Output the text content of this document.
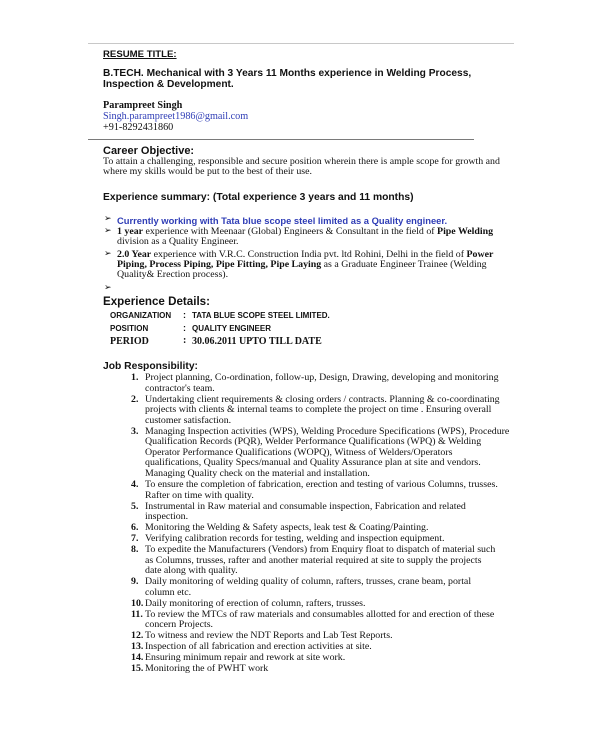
RESUME TITLE:
B.TECH. Mechanical with 3 Years 11 Months experience in Welding Process,
Inspection & Development.
Parampreet Singh
Singh.parampreet1986@gmail.com
+91-8292431860
Career Objective:
To attain a challenging, responsible and secure position wherein there is ample scope for growth and
where my skills would be put to the best of their use.
Experience summary: (Total experience 3 years and 11 months)
➢ Currently working with Tata blue scope steel limited as a Quality engineer.
➢ 1 year experience with Meenaar (Global) Engineers & Consultant in the field of Pipe Welding
division as a Quality Engineer.
➢ 2.0 Year experience with V.R.C. Construction India pvt. ltd Rohini, Delhi in the field of Power
Piping, Process Piping, Pipe Fitting, Pipe Laying as a Graduate Engineer Trainee (Welding
Quality& Erection process).
➢
Experience Details:
ORGANIZATION : TATA BLUE SCOPE STEEL LIMITED.
POSITION	: QUALITY ENGINEER
PERIOD	: 30.06.2011 UPTO TILL DATE
Job Responsibility:
1. Project planning, Co-ordination, follow-up, Design, Drawing, developing and monitoring
contractor's team.
2. Undertaking client requirements & closing orders / contracts. Planning & co-coordinating
projects with clients & internal teams to complete the project on time . Ensuring overall
customer satisfaction.
3. Managing Inspection activities (WPS), Welding Procedure Specifications (WPS), Procedure
Qualification Records (PQR), Welder Performance Qualifications (WPQ) & Welding
Operator Performance Qualifications (WOPQ), Witness of Welders/Operators
qualifications, Quality Specs/manual and Quality Assurance plan at site and vendors.
Managing Quality check on the material and installation.
4. To ensure the completion of fabrication, erection and testing of various Columns, trusses.
Rafter on time with quality.
5. Instrumental in Raw material and consumable inspection, Fabrication and related
inspection.
6. Monitoring the Welding & Safety aspects, leak test & Coating/Painting.
7. Verifying calibration records for testing, welding and inspection equipment.
8. To expedite the Manufacturers (Vendors) from Enquiry float to dispatch of material such
as Columns, trusses, rafter and another material required at site to supply the projects
date along with quality.
9. Daily monitoring of welding quality of column, rafters, trusses, crane beam, portal
column etc.
10. Daily monitoring of erection of column, rafters, trusses.
11. To review the MTCs of raw materials and consumables allotted for and erection of these
concern Projects.
12. To witness and review the NDT Reports and Lab Test Reports.
13. Inspection of all fabrication and erection activities at site.
14. Ensuring minimum repair and rework at site work.
15. Monitoring the of PWHT work
